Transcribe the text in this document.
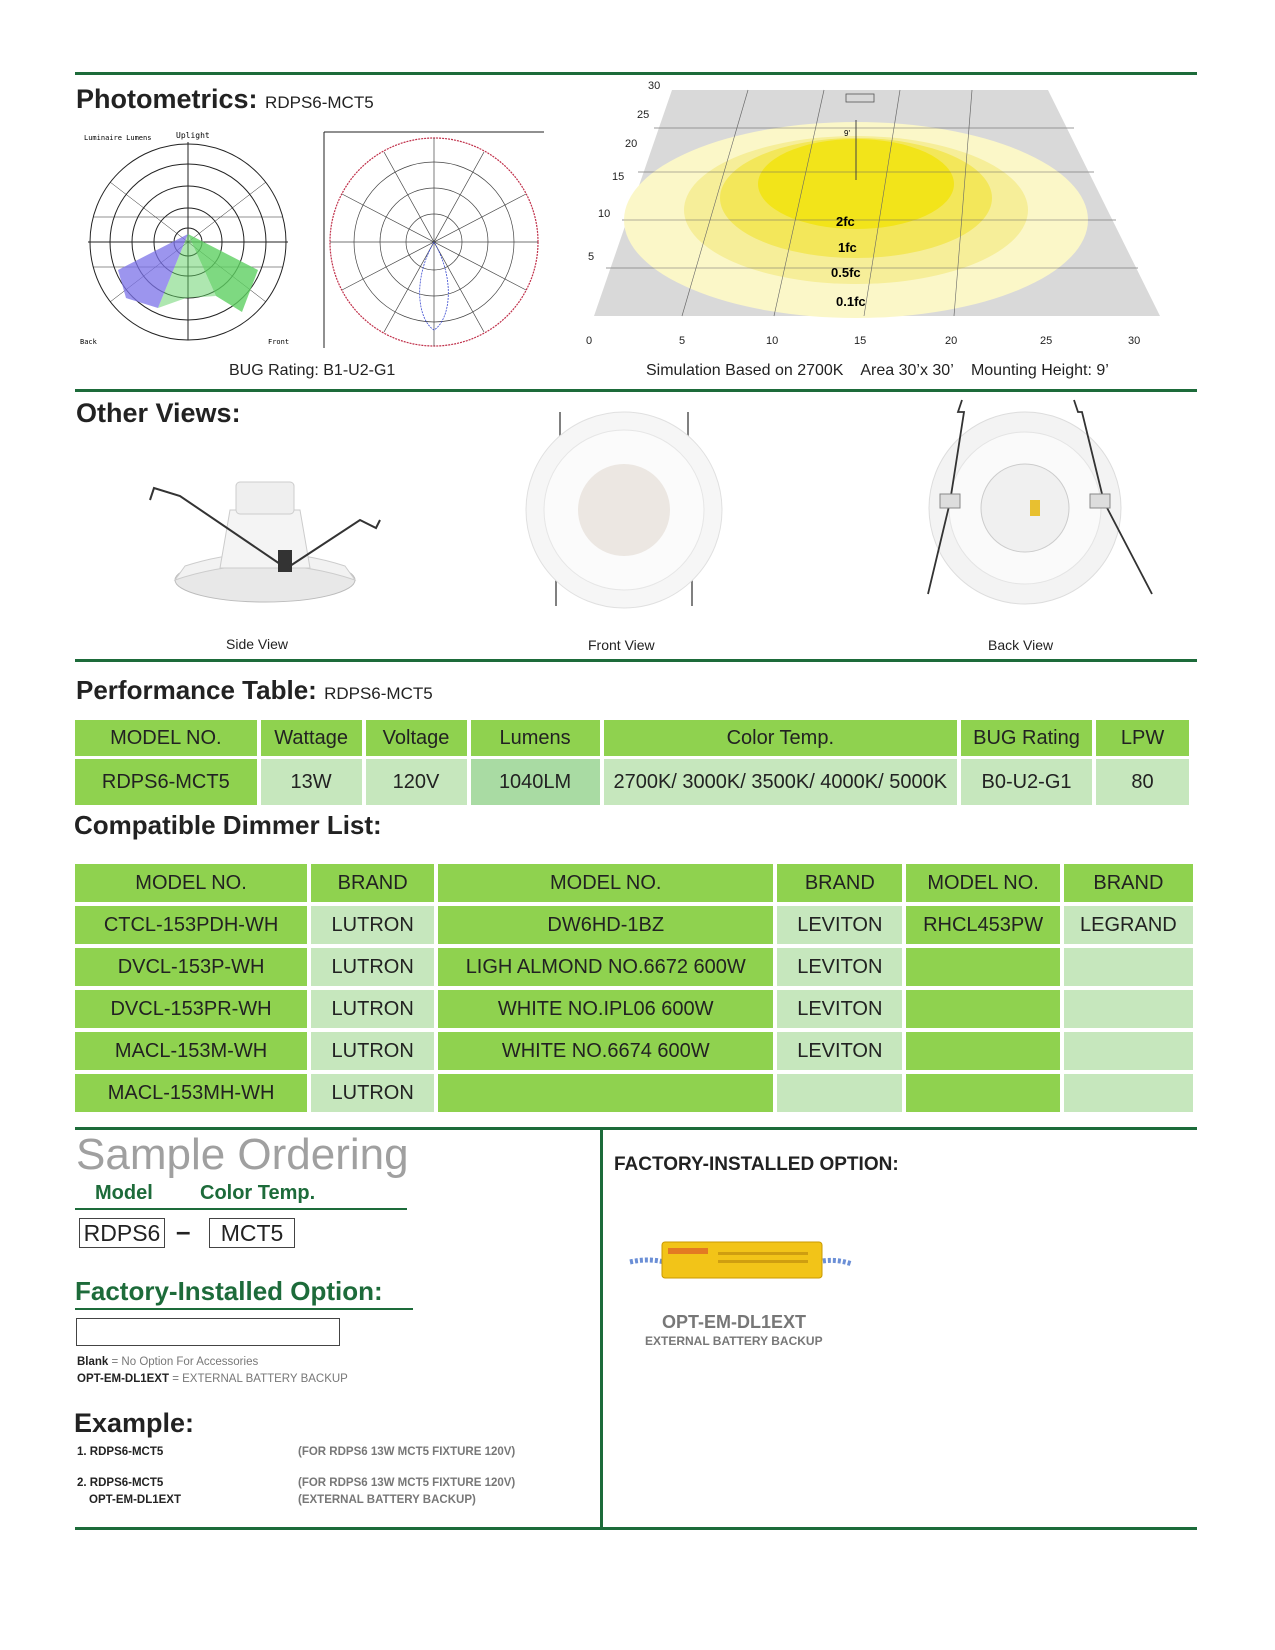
Photometrics: RDPS6-MCT5
Luminaire Lumens	Uplight
Back	Front
9'
2fc
1fc
0.5fc
0.1fc
30
25
20
15
10
5
0	5	10	15	20	25	30
BUG Rating: B1-U2-G1	Simulation Based on 2700K    Area 30’x 30’    Mounting Height: 9’
Other Views:
Side View	Front View	Back View
Performance Table: RDPS6-MCT5
MODEL NO.	Wattage	Voltage	Lumens	Color Temp.	BUG Rating	LPW
RDPS6-MCT5	13W	120V	1040LM	2700K/ 3000K/ 3500K/ 4000K/ 5000K	B0-U2-G1	80
Compatible Dimmer List:
MODEL NO.	BRAND	MODEL NO.	BRAND	MODEL NO.	BRAND
CTCL-153PDH-WH	LUTRON	DW6HD-1BZ	LEVITON	RHCL453PW	LEGRAND
DVCL-153P-WH	LUTRON	LIGH ALMOND NO.6672 600W	LEVITON		
DVCL-153PR-WH	LUTRON	WHITE NO.IPL06 600W	LEVITON		
MACL-153M-WH	LUTRON	WHITE NO.6674 600W	LEVITON		
MACL-153MH-WH	LUTRON				
Sample Ordering
Model Color Temp.
RDPS6 –	MCT5
Factory-Installed Option:
Blank = No Option For Accessories
OPT-EM-DL1EXT = EXTERNAL BATTERY BACKUP
Example:
1. RDPS6-MCT5	(FOR RDPS6 13W MCT5 FIXTURE 120V)
2. RDPS6-MCT5	(FOR RDPS6 13W MCT5 FIXTURE 120V)
OPT-EM-DL1EXT	(EXTERNAL BATTERY BACKUP)
FACTORY-INSTALLED OPTION:
OPT-EM-DL1EXT
EXTERNAL BATTERY BACKUP
